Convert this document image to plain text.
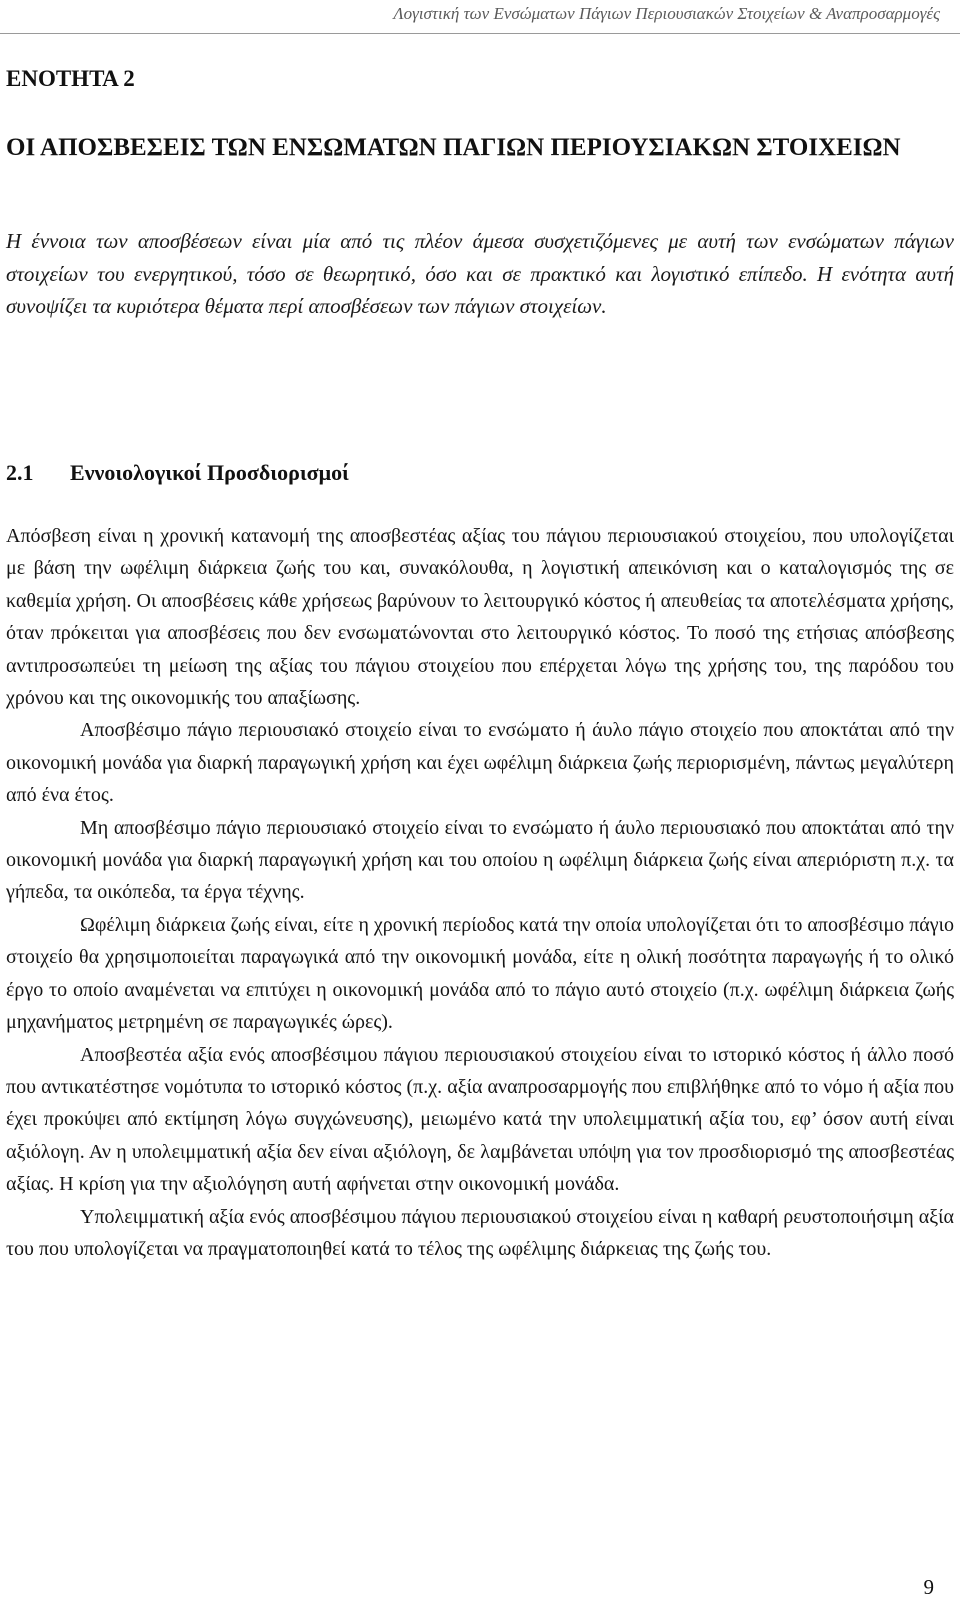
Λογιστική των Ενσώματων Πάγιων Περιουσιακών Στοιχείων & Αναπροσαρμογές
ΕΝΟΤΗΤΑ 2
ΟΙ ΑΠΟΣΒΕΣΕΙΣ ΤΩΝ ΕΝΣΩΜΑΤΩΝ ΠΑΓΙΩΝ ΠΕΡΙΟΥΣΙΑΚΩΝ ΣΤΟΙΧΕΙΩΝ

Η έννοια των αποσβέσεων είναι μία από τις πλέον άμεσα συσχετιζόμενες με αυτή των ενσώματων πάγιων στοιχείων του ενεργητικού, τόσο σε θεωρητικό, όσο και σε πρακτικό και λογιστικό επίπεδο. Η ενότητα αυτή συνοψίζει τα κυριότερα θέματα περί αποσβέσεων των πάγιων στοιχείων.

2.1 Εννοιολογικοί Προσδιορισμοί

Απόσβεση είναι η χρονική κατανομή της αποσβεστέας αξίας του πάγιου περιουσιακού στοιχείου, που υπολογίζεται με βάση την ωφέλιμη διάρκεια ζωής του και, συνακόλουθα, η λογιστική απεικόνιση και ο καταλογισμός της σε καθεμία χρήση. Οι αποσβέσεις κάθε χρήσεως βαρύνουν το λειτουργικό κόστος ή απευθείας τα αποτελέσματα χρήσης, όταν πρόκειται για αποσβέσεις που δεν ενσωματώνονται στο λειτουργικό κόστος. Το ποσό της ετήσιας απόσβεσης αντιπροσωπεύει τη μείωση της αξίας του πάγιου στοιχείου που επέρχεται λόγω της χρήσης του, της παρόδου του χρόνου και της οικονομικής του απαξίωσης.

Αποσβέσιμο πάγιο περιουσιακό στοιχείο είναι το ενσώματο ή άυλο πάγιο στοιχείο που αποκτάται από την οικονομική μονάδα για διαρκή παραγωγική χρήση και έχει ωφέλιμη διάρκεια ζωής περιορισμένη, πάντως μεγαλύτερη από ένα έτος.

Μη αποσβέσιμο πάγιο περιουσιακό στοιχείο είναι το ενσώματο ή άυλο περιουσιακό που αποκτάται από την οικονομική μονάδα για διαρκή παραγωγική χρήση και του οποίου η ωφέλιμη διάρκεια ζωής είναι απεριόριστη π.χ. τα γήπεδα, τα οικόπεδα, τα έργα τέχνης.

Ωφέλιμη διάρκεια ζωής είναι, είτε η χρονική περίοδος κατά την οποία υπολογίζεται ότι το αποσβέσιμο πάγιο στοιχείο θα χρησιμοποιείται παραγωγικά από την οικονομική μονάδα, είτε η ολική ποσότητα παραγωγής ή το ολικό έργο το οποίο αναμένεται να επιτύχει η οικονομική μονάδα από το πάγιο αυτό στοιχείο (π.χ. ωφέλιμη διάρκεια ζωής μηχανήματος μετρημένη σε παραγωγικές ώρες).

Αποσβεστέα αξία ενός αποσβέσιμου πάγιου περιουσιακού στοιχείου είναι το ιστορικό κόστος ή άλλο ποσό που αντικατέστησε νομότυπα το ιστορικό κόστος (π.χ. αξία αναπροσαρμογής που επιβλήθηκε από το νόμο ή αξία που έχει προκύψει από εκτίμηση λόγω συγχώνευσης), μειωμένο κατά την υπολειμματική αξία του, εφ’ όσον αυτή είναι αξιόλογη. Αν η υπολειμματική αξία δεν είναι αξιόλογη, δε λαμβάνεται υπόψη για τον προσδιορισμό της αποσβεστέας αξίας. Η κρίση για την αξιολόγηση αυτή αφήνεται στην οικονομική μονάδα.

Υπολειμματική αξία ενός αποσβέσιμου πάγιου περιουσιακού στοιχείου είναι η καθαρή ρευστοποιήσιμη αξία του που υπολογίζεται να πραγματοποιηθεί κατά το τέλος της ωφέλιμης διάρκειας της ζωής του.

9
